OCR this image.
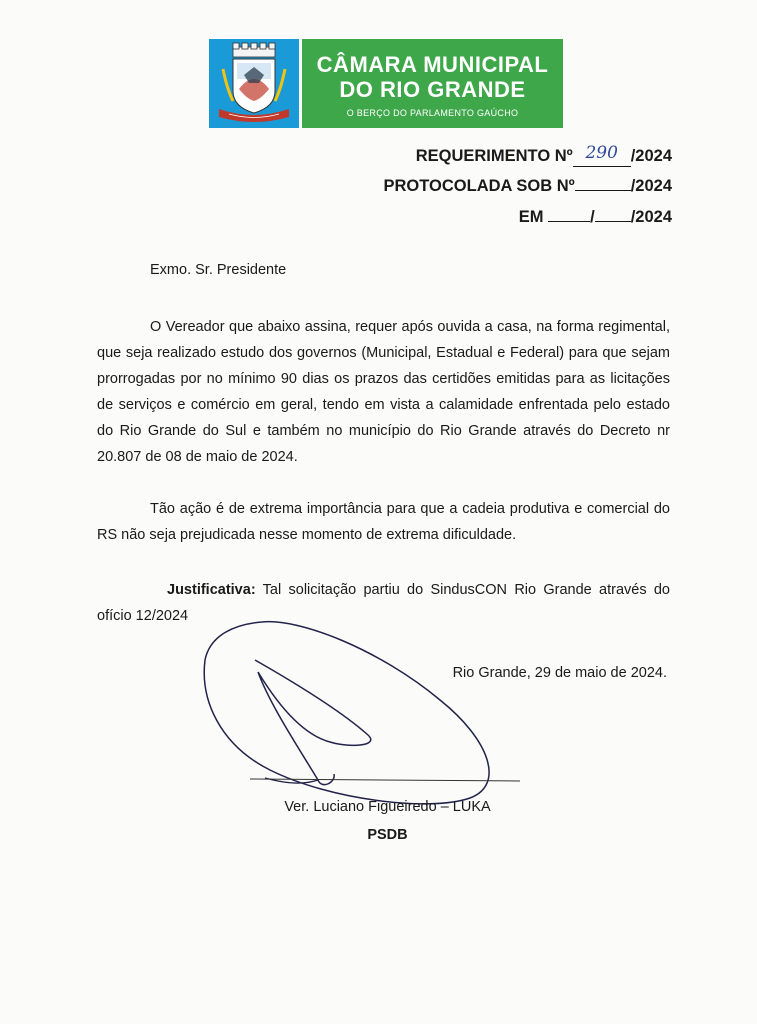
CÂMARA MUNICIPAL
DO RIO GRANDE
O BERÇO DO PARLAMENTO GAÚCHO
REQUERIMENTO Nº 290 /2024
PROTOCOLADA SOB Nº	/2024
EM	/ /2024
Exmo. Sr. Presidente
O Vereador que abaixo assina, requer após ouvida a casa, na forma regimental, que seja realizado estudo dos governos (Municipal, Estadual e Federal) para que sejam prorrogadas por no mínimo 90 dias os prazos das certidões emitidas para as licitações de serviços e comércio em geral, tendo em vista a calamidade enfrentada pelo estado do Rio Grande do Sul e também no município do Rio Grande através do Decreto nr 20.807 de 08 de maio de 2024.
Tão ação é de extrema importância para que a cadeia produtiva e comercial do RS não seja prejudicada nesse momento de extrema dificuldade.
Justificativa: Tal solicitação partiu do SindusCON Rio Grande através do ofício 12/2024
Rio Grande, 29 de maio de 2024.
Ver. Luciano Figueiredo – LUKA
PSDB
